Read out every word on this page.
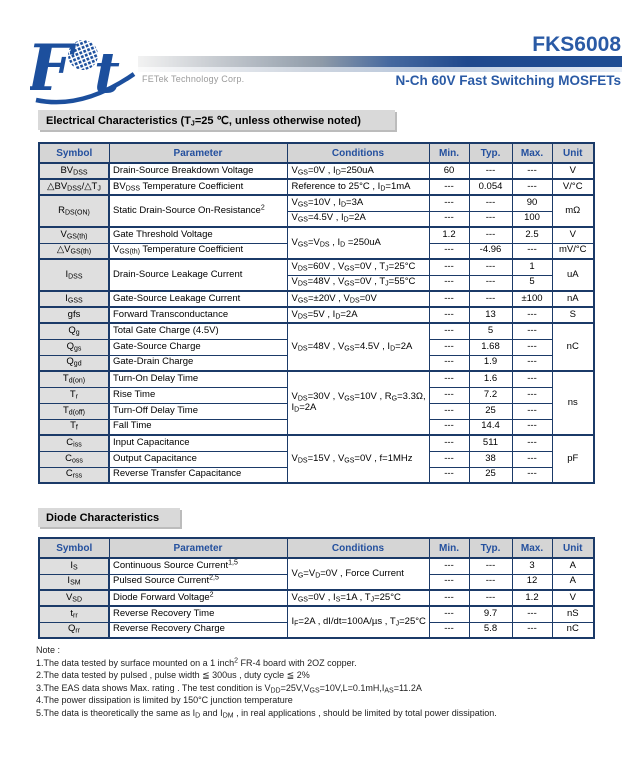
F t FETek Technology Corp.
FKS6008
N-Ch 60V Fast Switching MOSFETs
Electrical Characteristics ($T_J=25$ ℃, unless otherwise noted)
Symbol	Parameter	Conditions	Min.	Typ.	Max.	Unit
$BV_{DSS}$	Drain-Source Breakdown Voltage	$V_{GS}=0V$ , $I_D=250uA$	60	---	---	V
$\triangle BV_{DSS}/\triangle T_J$	$BV_{DSS}$ Temperature Coefficient	Reference to 25°C , $I_D=1mA$	---	0.054	---	V/°C
$R_{DS(ON)}$	Static Drain-Source On-Resistance$^2$	$V_{GS}=10V$ , $I_D=3A$	---	---	90	mΩ
		$V_{GS}=4.5V$ , $I_D=2A$	---	---	100	
$V_{GS(th)}$	Gate Threshold Voltage	$V_{GS}=V_{DS}$ , $I_D =250uA$	1.2	---	2.5	V
$\triangle V_{GS(th)}$	$V_{GS(th)}$ Temperature Coefficient		---	-4.96	---	mV/°C
$I_{DSS}$	Drain-Source Leakage Current	$V_{DS}=60V$ , $V_{GS}=0V$ , $T_J=25^\circ C$	---	---	1	uA
		$V_{DS}=48V$ , $V_{GS}=0V$ , $T_J=55^\circ C$	---	---	5	
$I_{GSS}$	Gate-Source Leakage Current	$V_{GS}=\pm 20V$ , $V_{DS}=0V$	---	---	±100	nA
gfs	Forward Transconductance	$V_{DS}=5V$ , $I_D=2A$	---	13	---	S
$Q_g$	Total Gate Charge (4.5V)	$V_{DS}=48V$ , $V_{GS}=4.5V$ , $I_D=2A$	---	5	---	nC
$Q_{gs}$	Gate-Source Charge		---	1.68	---	
$Q_{gd}$	Gate-Drain Charge		---	1.9	---	
$T_{d(on)}$	Turn-On Delay Time	$V_{DS}=30V$ , $V_{GS}=10V$ , $R_G=3.3\Omega$, $I_D=2A$	---	1.6	---	ns
$T_r$	Rise Time		---	7.2	---	
$T_{d(off)}$	Turn-Off Delay Time		---	25	---	
$T_f$	Fall Time		---	14.4	---	
$C_{iss}$	Input Capacitance	$V_{DS}=15V$ , $V_{GS}=0V$ , f=1MHz	---	511	---	pF
$C_{oss}$	Output Capacitance		---	38	---	
$C_{rss}$	Reverse Transfer Capacitance		---	25	---	
Diode Characteristics
Symbol	Parameter	Conditions	Min.	Typ.	Max.	Unit
$I_S$	Continuous Source Current$^{1,5}$	$V_G=V_D=0V$ , Force Current	---	---	3	A
$I_{SM}$	Pulsed Source Current$^{2,5}$		---	---	12	A
$V_{SD}$	Diode Forward Voltage$^2$	$V_{GS}=0V$ , $I_S=1A$ , $T_J=25^\circ C$	---	---	1.2	V
$t_{rr}$	Reverse Recovery Time	$I_F=2A$ , dI/dt=100A/µs , $T_J=25^\circ C$	---	9.7	---	nS
$Q_{rr}$	Reverse Recovery Charge		---	5.8	---	nC
Note :
1.The data tested by surface mounted on a 1 inch$^2$ FR-4 board with 2OZ copper.
2.The data tested by pulsed , pulse width ≦ 300us , duty cycle ≦ 2%
3.The EAS data shows Max. rating . The test condition is $V_{DD}=25V,V_{GS}=10V,L=0.1mH,I_{AS}=11.2A$
4.The power dissipation is limited by 150°C junction temperature
5.The data is theoretically the same as $I_D$ and $I_{DM}$ , in real applications , should be limited by total power dissipation.
